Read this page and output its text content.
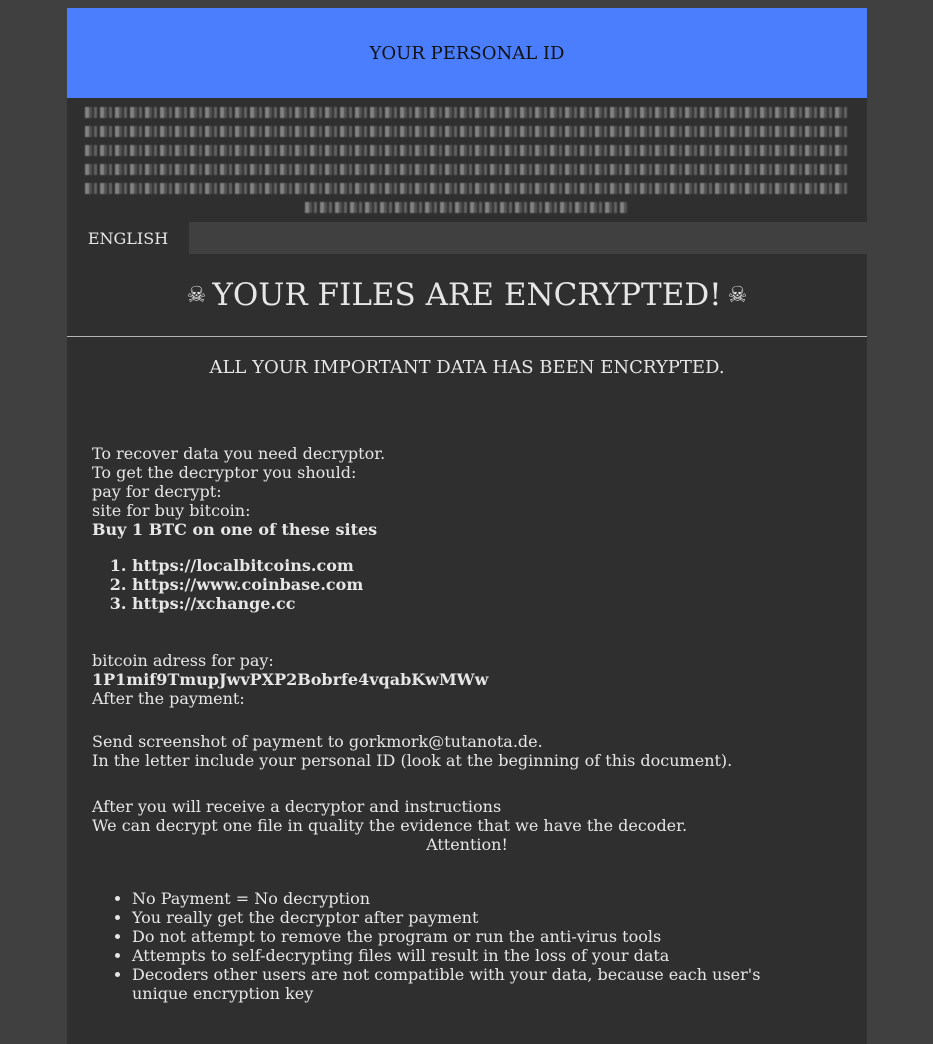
YOUR PERSONAL ID
ENGLISH
☠ YOUR FILES ARE ENCRYPTED! ☠
ALL YOUR IMPORTANT DATA HAS BEEN ENCRYPTED.
To recover data you need decryptor.
To get the decryptor you should:
pay for decrypt:
site for buy bitcoin:
Buy 1 BTC on one of these sites
1. https://localbitcoins.com
2. https://www.coinbase.com
3. https://xchange.cc
bitcoin adress for pay:
1P1mif9TmupJwvPXP2Bobrfe4vqabKwMWw
After the payment:
Send screenshot of payment to gorkmork@tutanota.de.
In the letter include your personal ID (look at the beginning of this document).
After you will receive a decryptor and instructions
We can decrypt one file in quality the evidence that we have the decoder.
Attention!
• No Payment = No decryption
• You really get the decryptor after payment
• Do not attempt to remove the program or run the anti-virus tools
• Attempts to self-decrypting files will result in the loss of your data
• Decoders other users are not compatible with your data, because each user's unique encryption key
